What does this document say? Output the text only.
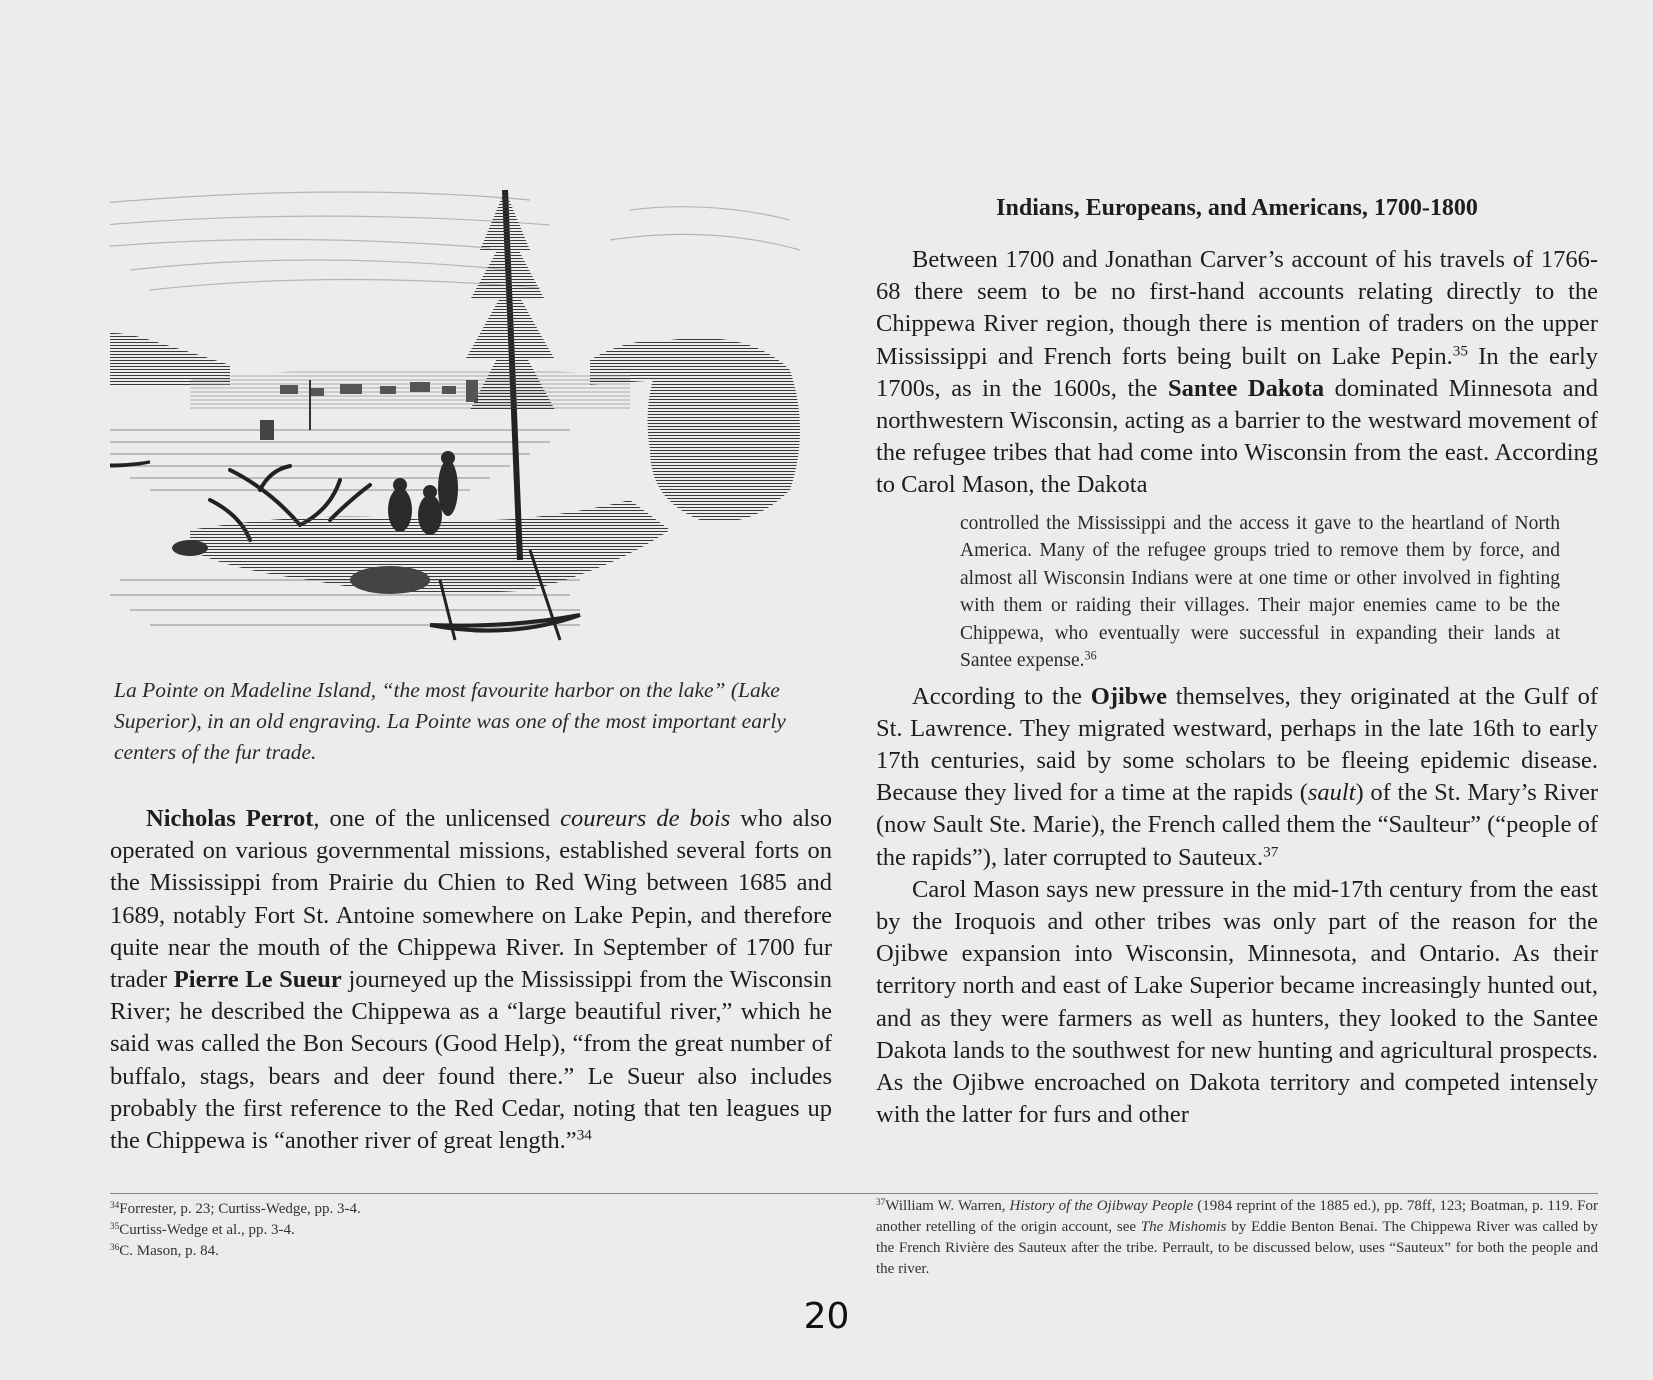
La Pointe on Madeline Island, “the most favourite harbor on the lake” (Lake Superior), in an old engraving. La Pointe was one of the most important early centers of the fur trade.

Nicholas Perrot, one of the unlicensed coureurs de bois who also operated on various governmental missions, established several forts on the Mississippi from Prairie du Chien to Red Wing between 1685 and 1689, notably Fort St. Antoine somewhere on Lake Pepin, and therefore quite near the mouth of the Chippewa River. In September of 1700 fur trader Pierre Le Sueur journeyed up the Mississippi from the Wisconsin River; he described the Chippewa as a “large beautiful river,” which he said was called the Bon Secours (Good Help), “from the great number of buffalo, stags, bears and deer found there.” Le Sueur also includes probably the first reference to the Red Cedar, noting that ten leagues up the Chippewa is “another river of great length.”$^{34}$

Indians, Europeans, and Americans, 1700-1800

Between 1700 and Jonathan Carver’s account of his travels of 1766-68 there seem to be no first-hand accounts relating directly to the Chippewa River region, though there is mention of traders on the upper Mississippi and French forts being built on Lake Pepin.$^{35}$ In the early 1700s, as in the 1600s, the Santee Dakota dominated Minnesota and northwestern Wisconsin, acting as a barrier to the westward movement of the refugee tribes that had come into Wisconsin from the east. According to Carol Mason, the Dakota

controlled the Mississippi and the access it gave to the heartland of North America. Many of the refugee groups tried to remove them by force, and almost all Wisconsin Indians were at one time or other involved in fighting with them or raiding their villages. Their major enemies came to be the Chippewa, who eventually were successful in expanding their lands at Santee expense.$^{36}$

According to the Ojibwe themselves, they originated at the Gulf of St. Lawrence. They migrated westward, perhaps in the late 16th to early 17th centuries, said by some scholars to be fleeing epidemic disease. Because they lived for a time at the rapids (sault) of the St. Mary’s River (now Sault Ste. Marie), the French called them the “Saulteur” (“people of the rapids”), later corrupted to Sauteux.$^{37}$

Carol Mason says new pressure in the mid-17th century from the east by the Iroquois and other tribes was only part of the reason for the Ojibwe expansion into Wisconsin, Minnesota, and Ontario. As their territory north and east of Lake Superior became increasingly hunted out, and as they were farmers as well as hunters, they looked to the Santee Dakota lands to the southwest for new hunting and agricultural prospects. As the Ojibwe encroached on Dakota territory and competed intensely with the latter for furs and other

$^{34}$Forrester, p. 23; Curtiss-Wedge, pp. 3-4.

$^{35}$Curtiss-Wedge et al., pp. 3-4.

$^{36}$C. Mason, p. 84.

$^{37}$William W. Warren, History of the Ojibway People (1984 reprint of the 1885 ed.), pp. 78ff, 123; Boatman, p. 119. For another retelling of the origin account, see The Mishomis by Eddie Benton Benai. The Chippewa River was called by the French Rivière des Sauteux after the tribe. Perrault, to be discussed below, uses “Sauteux” for both the people and the river.

20
